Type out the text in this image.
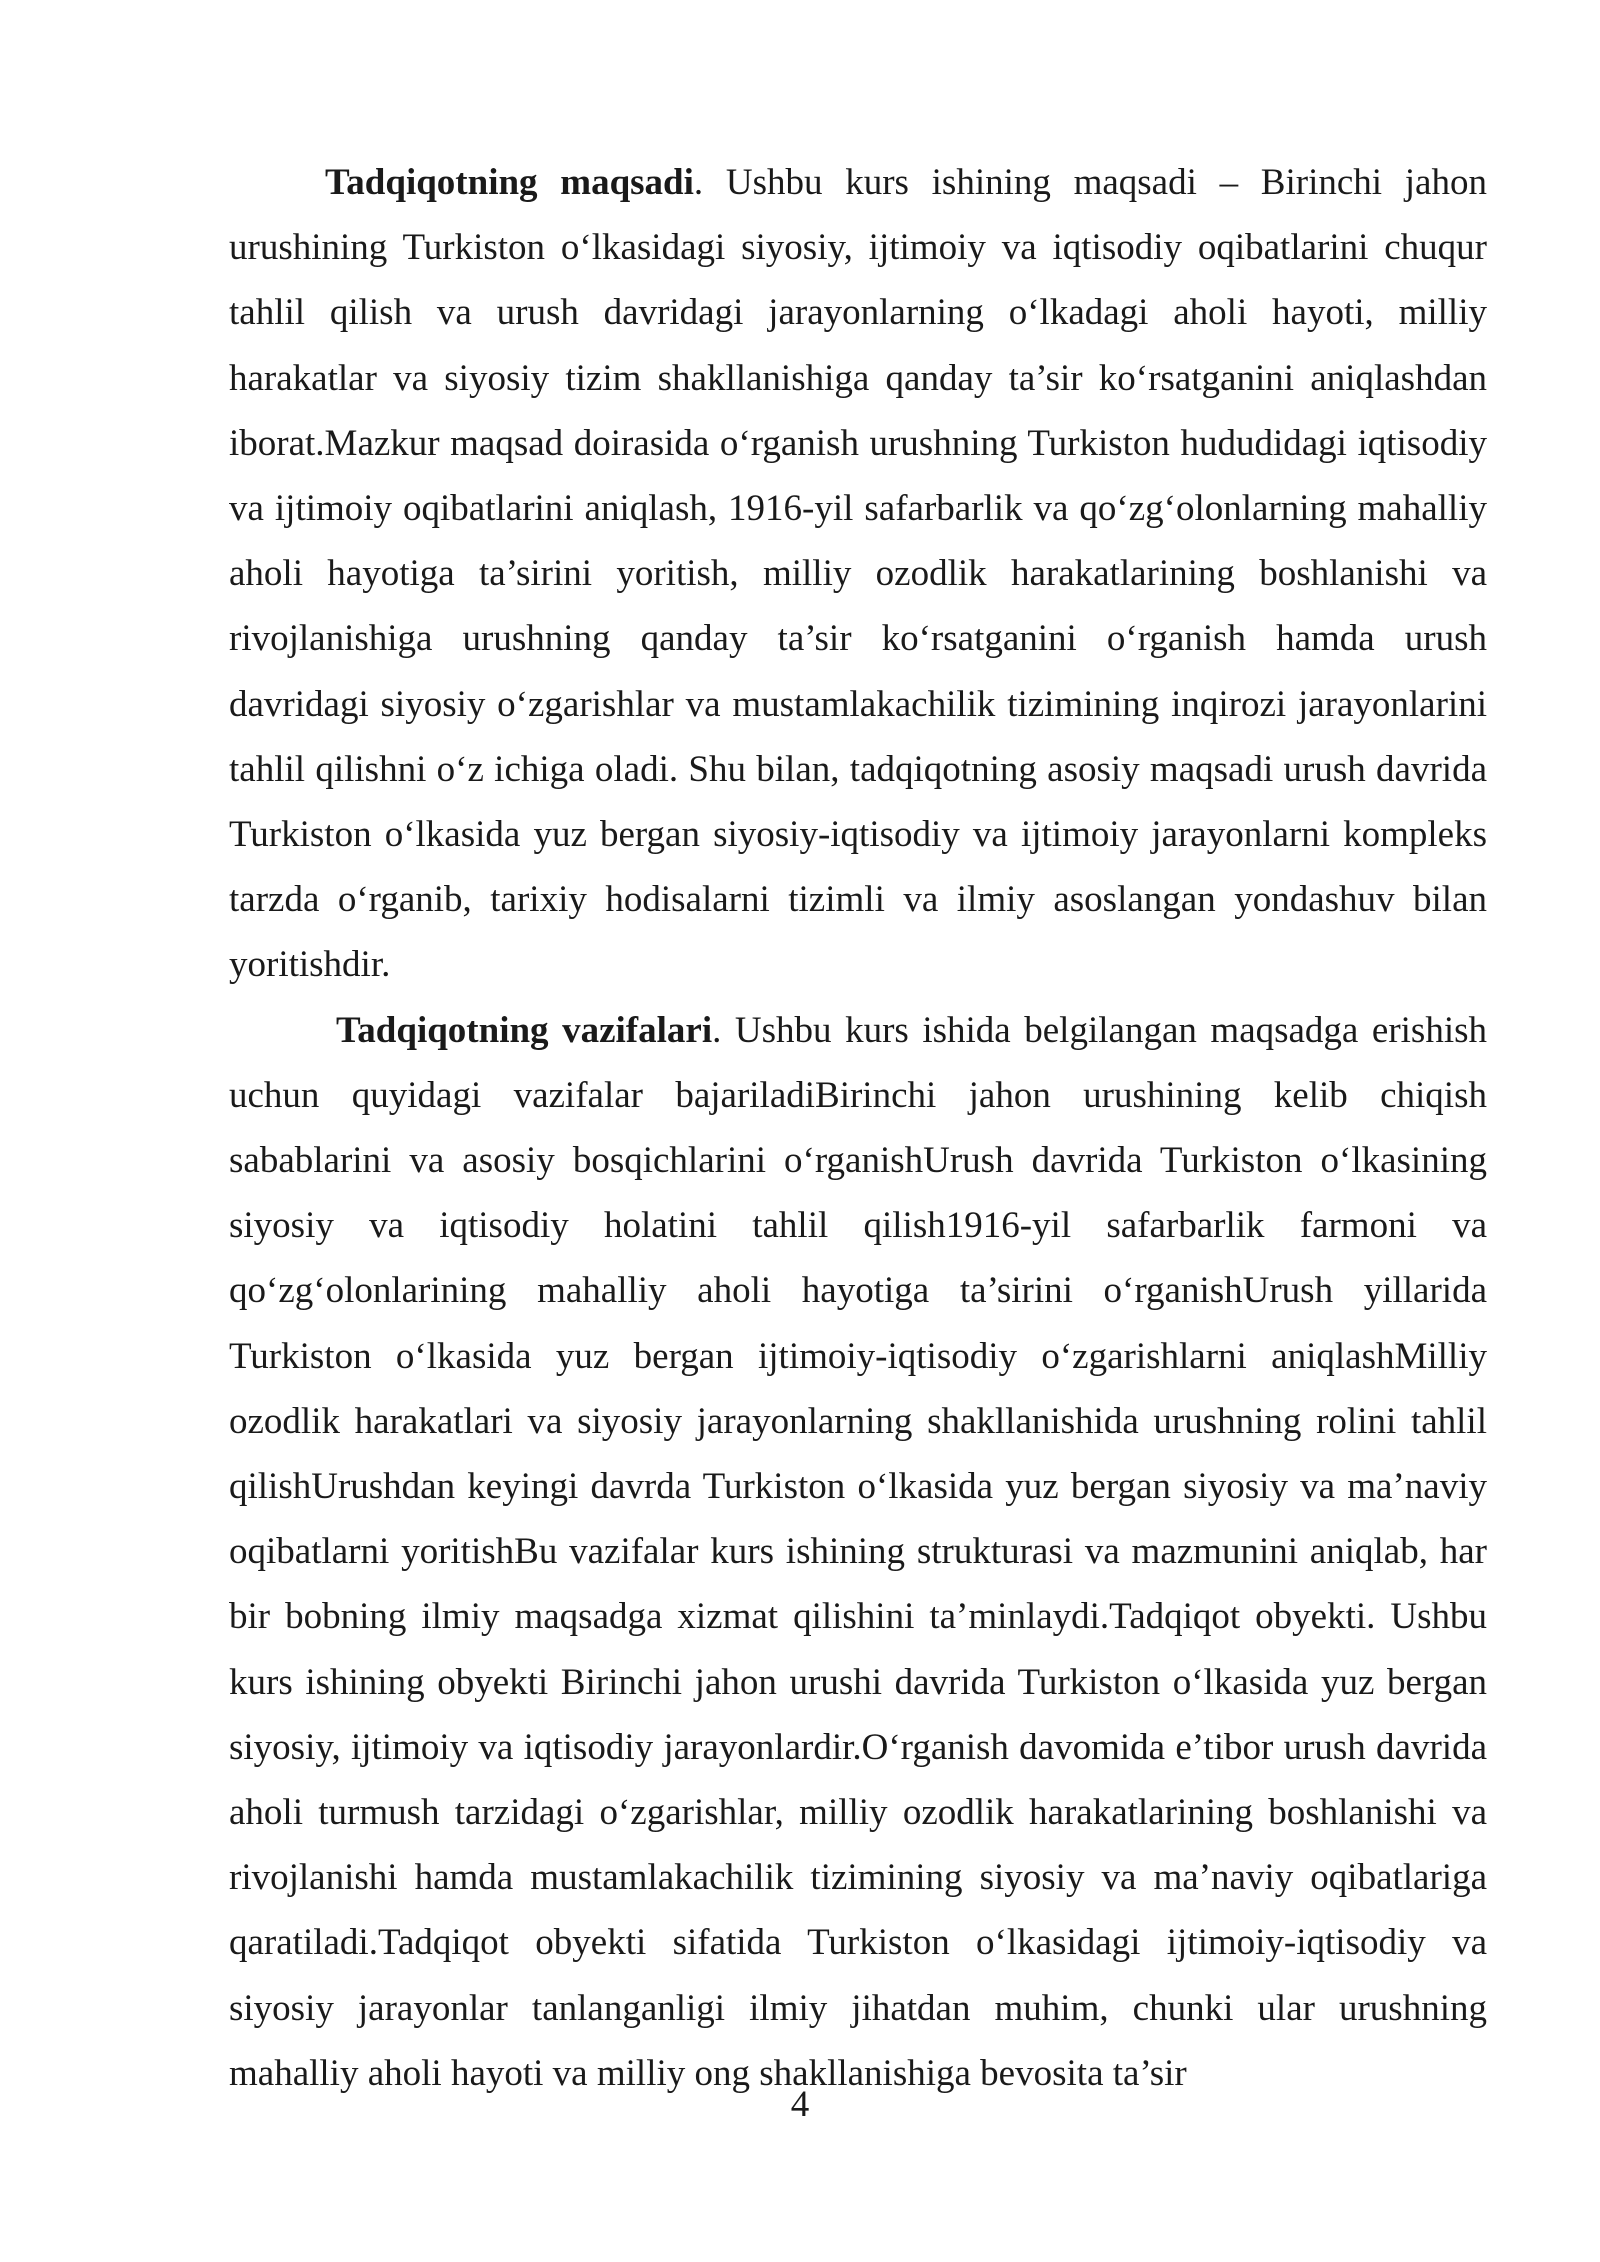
Tadqiqotning maqsadi. Ushbu kurs ishining maqsadi – Birinchi jahon urushining Turkiston o‘lkasidagi siyosiy, ijtimoiy va iqtisodiy oqibatlarini chuqur tahlil qilish va urush davridagi jarayonlarning o‘lkadagi aholi hayoti, milliy harakatlar va siyosiy tizim shakllanishiga qanday ta’sir ko‘rsatganini aniqlashdan iborat.Mazkur maqsad doirasida o‘rganish urushning Turkiston hududidagi iqtisodiy va ijtimoiy oqibatlarini aniqlash, 1916-yil safarbarlik va qo‘zg‘olonlarning mahalliy aholi hayotiga ta’sirini yoritish, milliy ozodlik harakatlarining boshlanishi va rivojlanishiga urushning qanday ta’sir ko‘rsatganini o‘rganish hamda urush davridagi siyosiy o‘zgarishlar va mustamlakachilik tizimining inqirozi jarayonlarini tahlil qilishni o‘z ichiga oladi. Shu bilan, tadqiqotning asosiy maqsadi urush davrida Turkiston o‘lkasida yuz bergan siyosiy-iqtisodiy va ijtimoiy jarayonlarni kompleks tarzda o‘rganib, tarixiy hodisalarni tizimli va ilmiy asoslangan yondashuv bilan yoritishdir.

Tadqiqotning vazifalari. Ushbu kurs ishida belgilangan maqsadga erishish uchun quyidagi vazifalar bajariladiBirinchi jahon urushining kelib chiqish sabablarini va asosiy bosqichlarini o‘rganishUrush davrida Turkiston o‘lkasining siyosiy va iqtisodiy holatini tahlil qilish1916-yil safarbarlik farmoni va qo‘zg‘olonlarining mahalliy aholi hayotiga ta’sirini o‘rganishUrush yillarida Turkiston o‘lkasida yuz bergan ijtimoiy-iqtisodiy o‘zgarishlarni aniqlashMilliy ozodlik harakatlari va siyosiy jarayonlarning shakllanishida urushning rolini tahlil qilishUrushdan keyingi davrda Turkiston o‘lkasida yuz bergan siyosiy va ma’naviy oqibatlarni yoritishBu vazifalar kurs ishining strukturasi va mazmunini aniqlab, har bir bobning ilmiy maqsadga xizmat qilishini ta’minlaydi.Tadqiqot obyekti. Ushbu kurs ishining obyekti Birinchi jahon urushi davrida Turkiston o‘lkasida yuz bergan siyosiy, ijtimoiy va iqtisodiy jarayonlardir.O‘rganish davomida e’tibor urush davrida aholi turmush tarzidagi o‘zgarishlar, milliy ozodlik harakatlarining boshlanishi va rivojlanishi hamda mustamlakachilik tizimining siyosiy va ma’naviy oqibatlariga qaratiladi.Tadqiqot obyekti sifatida Turkiston o‘lkasidagi ijtimoiy-iqtisodiy va siyosiy jarayonlar tanlanganligi ilmiy jihatdan muhim, chunki ular urushning mahalliy aholi hayoti va milliy ong shakllanishiga bevosita ta’sir

4
